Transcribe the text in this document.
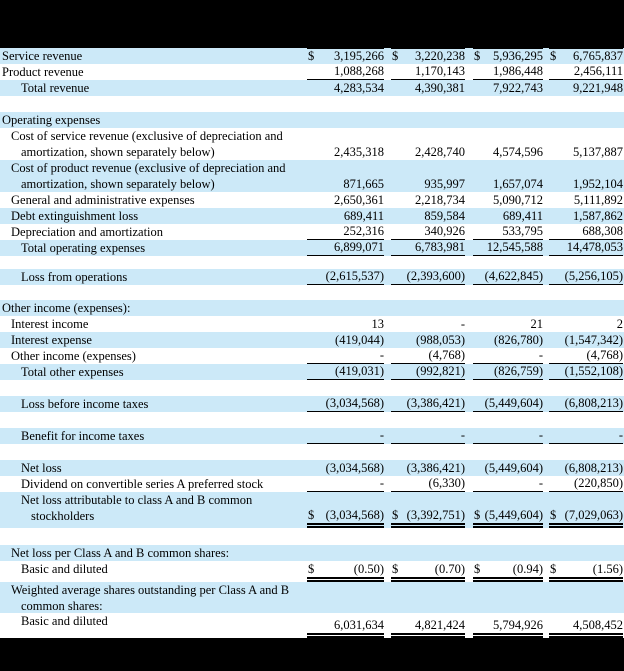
Service revenue	$ 3,195,266 $ 3,220,238 $ 5,936,295 $ 6,765,837
Product revenue	1,088,268 1,170,143 1,986,448 2,456,111
Total revenue	4,283,534 4,390,381 7,922,743 9,221,948
Operating expenses
Cost of service revenue (exclusive of depreciation and
amortization, shown separately below)	2,435,318 2,428,740 4,574,596 5,137,887
Cost of product revenue (exclusive of depreciation and
amortization, shown separately below)	871,665	935,997 1,657,074 1,952,104
General and administrative expenses	2,650,361 2,218,734 5,090,712 5,111,892
Debt extinguishment loss	689,411	859,584	689,411 1,587,862
Depreciation and amortization	252,316	340,926	533,795	688,308
Total operating expenses	6,899,071 6,783,981 12,545,588 14,478,053
Loss from operations	(2,615,537) (2,393,600) (4,622,845) (5,256,105)
Other income (expenses):
Interest income	13	-	21	2
Interest expense	(419,044)	(988,053) (826,780) (1,547,342)
Other income (expenses)	-	(4,768)	-	(4,768)
Total other expenses	(419,031)	(992,821) (826,759) (1,552,108)
Loss before income taxes	(3,034,568) (3,386,421) (5,449,604) (6,808,213)
Benefit for income taxes	-	-	-	-
Net loss	(3,034,568) (3,386,421) (5,449,604) (6,808,213)
Dividend on convertible series A preferred stock	-	(6,330)	- (220,850)
Net loss attributable to class A and B common
stockholders	$ (3,034,568) $ (3,392,751) $ (5,449,604) $ (7,029,063)
Net loss per Class A and B common shares:
Basic and diluted	$	(0.50) $	(0.70) $	(0.94) $	(1.56)
Weighted average shares outstanding per Class A and B
common shares:
Basic and diluted	6,031,634 4,821,424 5,794,926 4,508,452
